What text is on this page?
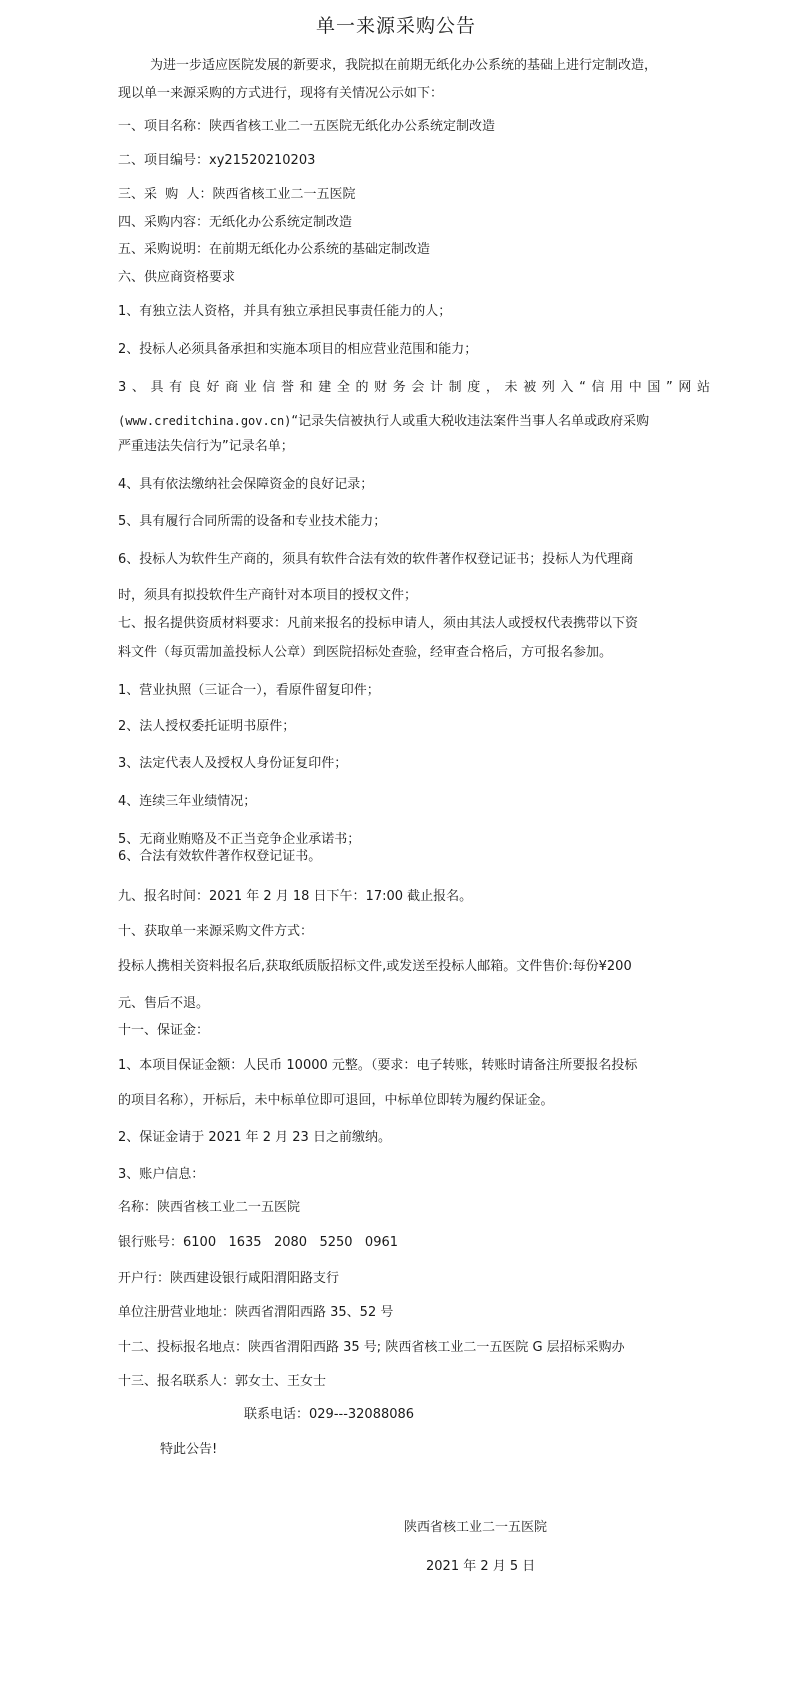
单一来源采购公告
为进一步适应医院发展的新要求，我院拟在前期无纸化办公系统的基础上进行定制改造，
现以单一来源采购的方式进行，现将有关情况公示如下：
一、项目名称：陕西省核工业二一五医院无纸化办公系统定制改造
二、项目编号：xy21520210203
三、采  购  人：陕西省核工业二一五医院
四、采购内容：无纸化办公系统定制改造
五、采购说明：在前期无纸化办公系统的基础定制改造
六、供应商资格要求
1、有独立法人资格，并具有独立承担民事责任能力的人；
2、投标人必须具备承担和实施本项目的相应营业范围和能力；
3、具有良好商业信誉和建全的财务会计制度，未被列入“信用中国”网站
(www.creditchina.gov.cn)“记录失信被执行人或重大税收违法案件当事人名单或政府采购
严重违法失信行为”记录名单；
4、具有依法缴纳社会保障资金的良好记录；
5、具有履行合同所需的设备和专业技术能力；
6、投标人为软件生产商的，须具有软件合法有效的软件著作权登记证书；投标人为代理商
时，须具有拟投软件生产商针对本项目的授权文件；
七、报名提供资质材料要求：凡前来报名的投标申请人，须由其法人或授权代表携带以下资
料文件（每页需加盖投标人公章）到医院招标处查验，经审查合格后，方可报名参加。
1、营业执照（三证合一），看原件留复印件；
2、法人授权委托证明书原件；
3、法定代表人及授权人身份证复印件；
4、连续三年业绩情况；
5、无商业贿赂及不正当竞争企业承诺书；
6、合法有效软件著作权登记证书。
九、报名时间：2021 年 2 月 18 日下午：17:00 截止报名。
十、获取单一来源采购文件方式：
投标人携相关资料报名后,获取纸质版招标文件,或发送至投标人邮箱。文件售价:每份¥200
元、售后不退。
十一、保证金：
1、本项目保证金额：人民币 10000 元整。（要求：电子转账，转账时请备注所要报名投标
的项目名称），开标后，未中标单位即可退回，中标单位即转为履约保证金。
2、保证金请于 2021 年 2 月 23 日之前缴纳。
3、账户信息：
名称：陕西省核工业二一五医院
银行账号：6100   1635   2080   5250   0961
开户行：陕西建设银行咸阳渭阳路支行
单位注册营业地址：陕西省渭阳西路 35、52 号
十二、投标报名地点：陕西省渭阳西路 35 号; 陕西省核工业二一五医院 G 层招标采购办
十三、报名联系人：郭女士、王女士
联系电话：029---32088086
特此公告!
陕西省核工业二一五医院
2021 年 2 月 5 日
